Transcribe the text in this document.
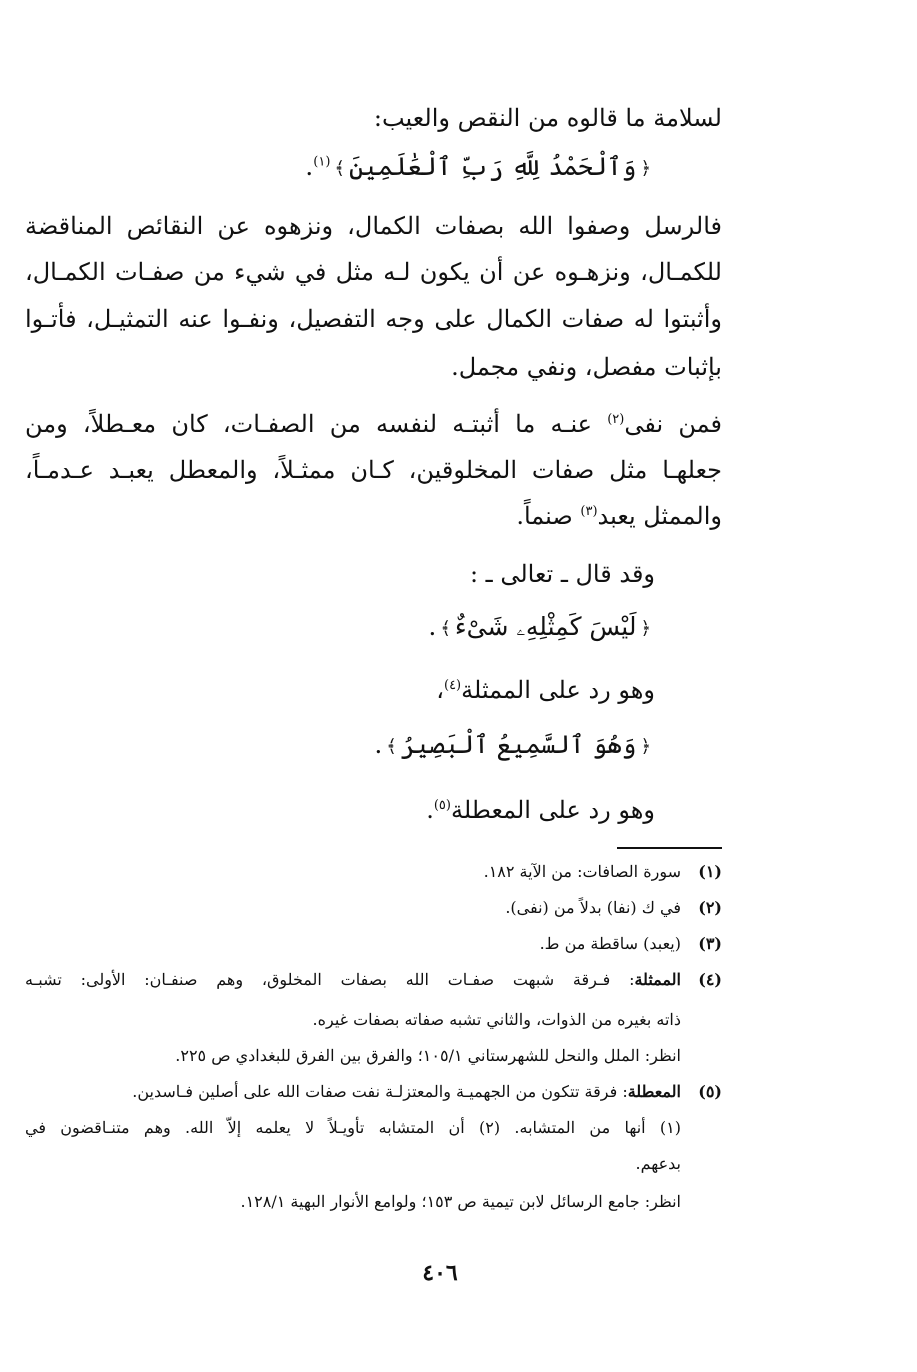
لسلامة ما قالوه من النقص والعيب:
﴿وَٱلْحَمْدُ لِلَّهِ رَبِّ ٱلْعَٰلَمِينَ﴾$^{(١)}$.
فالرسل وصفوا الله بصفات الكمال، ونزهوه عن النقائص المناقضة
للكمـال، ونزهـوه عن أن يكون لـه مثل في شيء من صفـات الكمـال،
وأثبتوا له صفات الكمال على وجه التفصيل، ونفـوا عنه التمثيـل، فأتـوا
بإثبات مفصل، ونفي مجمل.
فمن نفى$^{(٢)}$ عنـه ما أثبتـه لنفسه من الصفـات، كان معـطلاً، ومن
جعلهـا مثل صفات المخلوقين، كـان ممثـلاً، والمعطل يعبـد عـدمـاً،
والممثل يعبد$^{(٣)}$ صنماً.
وقد قال ـ تعالى ـ :
﴿لَيْسَ كَمِثْلِهِۦ شَىْءٌ﴾.
وهو رد على الممثلة$^{(٤)}$،
﴿وَهُوَ ٱلسَّمِيعُ ٱلْبَصِيرُ﴾.
وهو رد على المعطلة$^{(٥)}$.
(١)
سورة الصافات: من الآية ١٨٢.
(٢)
في ك (نفا) بدلاً من (نفى).
(٣)
(يعبد) ساقطة من ط.
(٤)
الممثلة: فـرقة شبهت صفـات الله بصفات المخلوق، وهم صنفـان: الأولى: تشبـه
ذاته بغيره من الذوات، والثاني تشبه صفاته بصفات غيره.
انظر: الملل والنحل للشهرستاني ١٠٥/١؛ والفرق بين الفرق للبغدادي ص ٢٢٥.
(٥)
المعطلة: فرقة تتكون من الجهميـة والمعتزلـة نفت صفات الله على أصلين فـاسدين.
(١) أنها من المتشابه. (٢) أن المتشابه تأويـلاً لا يعلمه إلاّ الله. وهم متنـاقضون في
بدعهم.
انظر: جامع الرسائل لابن تيمية ص ١٥٣؛ ولوامع الأنوار البهية ١٢٨/١.
٤٠٦
